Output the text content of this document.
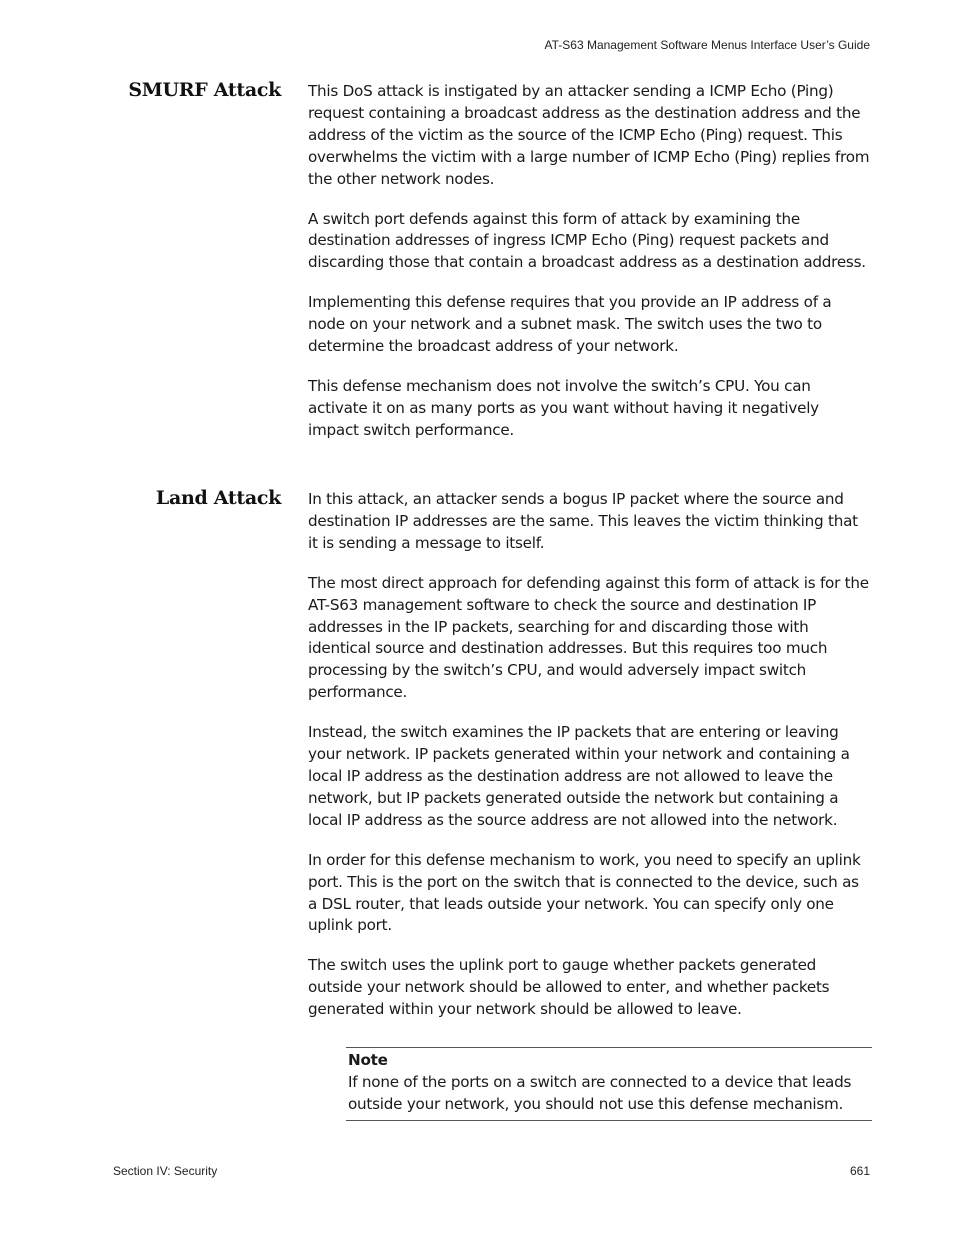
AT-S63 Management Software Menus Interface User’s Guide
SMURF Attack This DoS attack is instigated by an attacker sending a ICMP Echo (Ping) request containing a broadcast address as the destination address and the address of the victim as the source of the ICMP Echo (Ping) request. This overwhelms the victim with a large number of ICMP Echo (Ping) replies from the other network nodes.

A switch port defends against this form of attack by examining the destination addresses of ingress ICMP Echo (Ping) request packets and discarding those that contain a broadcast address as a destination address.

Implementing this defense requires that you provide an IP address of a node on your network and a subnet mask. The switch uses the two to determine the broadcast address of your network.

This defense mechanism does not involve the switch’s CPU. You can activate it on as many ports as you want without having it negatively impact switch performance.

Land Attack In this attack, an attacker sends a bogus IP packet where the source and destination IP addresses are the same. This leaves the victim thinking that it is sending a message to itself.

The most direct approach for defending against this form of attack is for the AT-S63 management software to check the source and destination IP addresses in the IP packets, searching for and discarding those with identical source and destination addresses. But this requires too much processing by the switch’s CPU, and would adversely impact switch performance.

Instead, the switch examines the IP packets that are entering or leaving your network. IP packets generated within your network and containing a local IP address as the destination address are not allowed to leave the network, but IP packets generated outside the network but containing a local IP address as the source address are not allowed into the network.

In order for this defense mechanism to work, you need to specify an uplink port. This is the port on the switch that is connected to the device, such as a DSL router, that leads outside your network. You can specify only one uplink port.

The switch uses the uplink port to gauge whether packets generated outside your network should be allowed to enter, and whether packets generated within your network should be allowed to leave.

Note
If none of the ports on a switch are connected to a device that leads outside your network, you should not use this defense mechanism.
Section IV: Security	661
